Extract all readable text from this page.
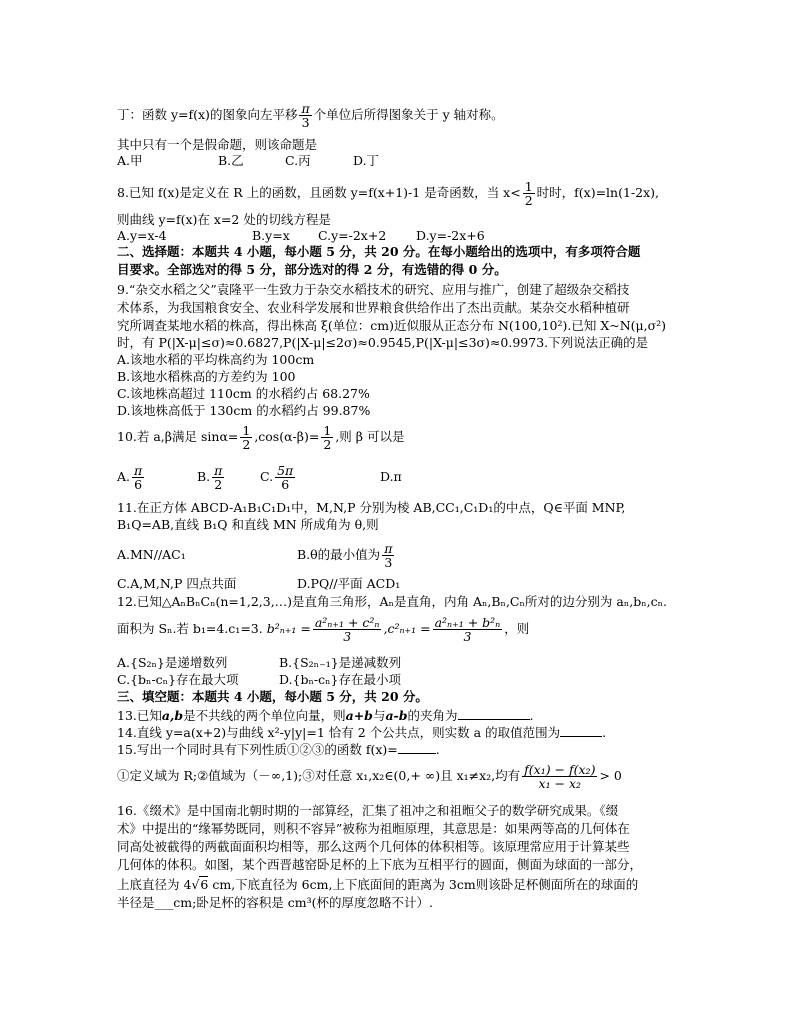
丁：函数 y=f(x)的图象向左平移 $\frac{\pi}{3}$ 个单位后所得图象关于 y 轴对称。
其中只有一个是假命题，则该命题是
A.甲	B.乙	C.丙	D.丁
8.已知 f(x)是定义在 R 上的函数，且函数 y=f(x+1)-1 是奇函数，当 $x< \frac{1}{2}$ 时时，f(x)=ln(1-2x),
则曲线 y=f(x)在 x=2 处的切线方程是
A.y=x-4	B.y=x C.y=-2x+2 D.y=-2x+6
二、选择题：本题共 4 小题，每小题 5 分，共 20 分。在每小题给出的选项中，有多项符合题
目要求。全部选对的得 5 分，部分选对的得 2 分，有选错的得 0 分。
9.“杂交水稻之父”袁隆平一生致力于杂交水稻技术的研究、应用与推广，创建了超级杂交稻技
术体系，为我国粮食安全、农业科学发展和世界粮食供给作出了杰出贡献。某杂交水稻种植研
究所调查某地水稻的株高，得出株高 ξ(单位：cm)近似服从正态分布 N(100,10²).已知 X~N(μ,σ²)
时，有 P(|X-μ|≤σ)≈0.6827,P(|X-μ|≤2σ)≈0.9545,P(|X-μ|≤3σ)≈0.9973.下列说法正确的是
A.该地水稻的平均株高约为 100cm
B.该地水稻株高的方差约为 100
C.该地株高超过 110cm 的水稻约占 68.27%
D.该地株高低于 130cm 的水稻约占 99.87%
10.若 a,β满足 $\sin\alpha= \frac{1}{2} ,\cos(\alpha-\beta)= \frac{1}{2}$ ,则 β 可以是
A. $\frac{\pi}{6}$	B. $\frac{\pi}{2}$	C. $\frac{5\pi}{6}$	D.π
11.在正方体 ABCD-A₁B₁C₁D₁中，M,N,P 分别为棱 AB,CC₁,C₁D₁的中点，Q∈平面 MNP,
B₁Q=AB,直线 B₁Q 和直线 MN 所成角为 θ,则
A.MN//AC₁	B.θ的最小值为 $\frac{\pi}{3}$
C.A,M,N,P 四点共面	D.PQ//平面 ACD₁
12.已知△AₙBₙCₙ(n=1,2,3,…)是直角三角形，Aₙ是直角，内角 Aₙ,Bₙ,Cₙ所对的边分别为 aₙ,bₙ,cₙ.
面积为 Sₙ.若 b₁=4.c₁=3. $b^2_{n+1} = \frac{\text{a²ₙ₊₁ + c²ₙ}}{3} ,c^2_{n+1} = \frac{\text{a²ₙ₊₁ + b²ₙ}}{3}$ ，则
A.{S₂ₙ}是递增数列	B.{S₂ₙ₋₁}是递减数列
C.{bₙ-cₙ}存在最大项	D.{bₙ-cₙ}存在最小项
三、填空题：本题共 4 小题，每小题 5 分，共 20 分。
13.已知a,b是不共线的两个单位向量，则a+b与a-b的夹角为	.
14.直线 y=a(x+2)与曲线 x²-y|y|=1 恰有 2 个公共点，则实数 a 的取值范围为	.
15.写出一个同时具有下列性质①②③的函数 f(x)=	.
①定义域为 R;②值域为（－∞,1);③对任意 x₁,x₂∈(0,+ ∞)且 x₁≠x₂,均有 $\frac{\text{f(x₁) − f(x₂)}}{\text{x₁ − x₂}} > 0$
16.《缀术》是中国南北朝时期的一部算经，汇集了祖冲之和祖暅父子的数学研究成果。《缀
术》中提出的“缘幂势既同，则积不容异”被称为祖暅原理，其意思是：如果两等高的几何体在
同高处被截得的两截面面积均相等，那么这两个几何体的体积相等。该原理常应用于计算某些
几何体的体积。如图，某个西晋越窑卧足杯的上下底为互相平行的圆面，侧面为球面的一部分，
上底直径为 4√6 cm,下底直径为 6cm,上下底面间的距离为 3cm则该卧足杯侧面所在的球面的
半径是___cm;卧足杯的容积是 cm³(杯的厚度忽略不计）.
